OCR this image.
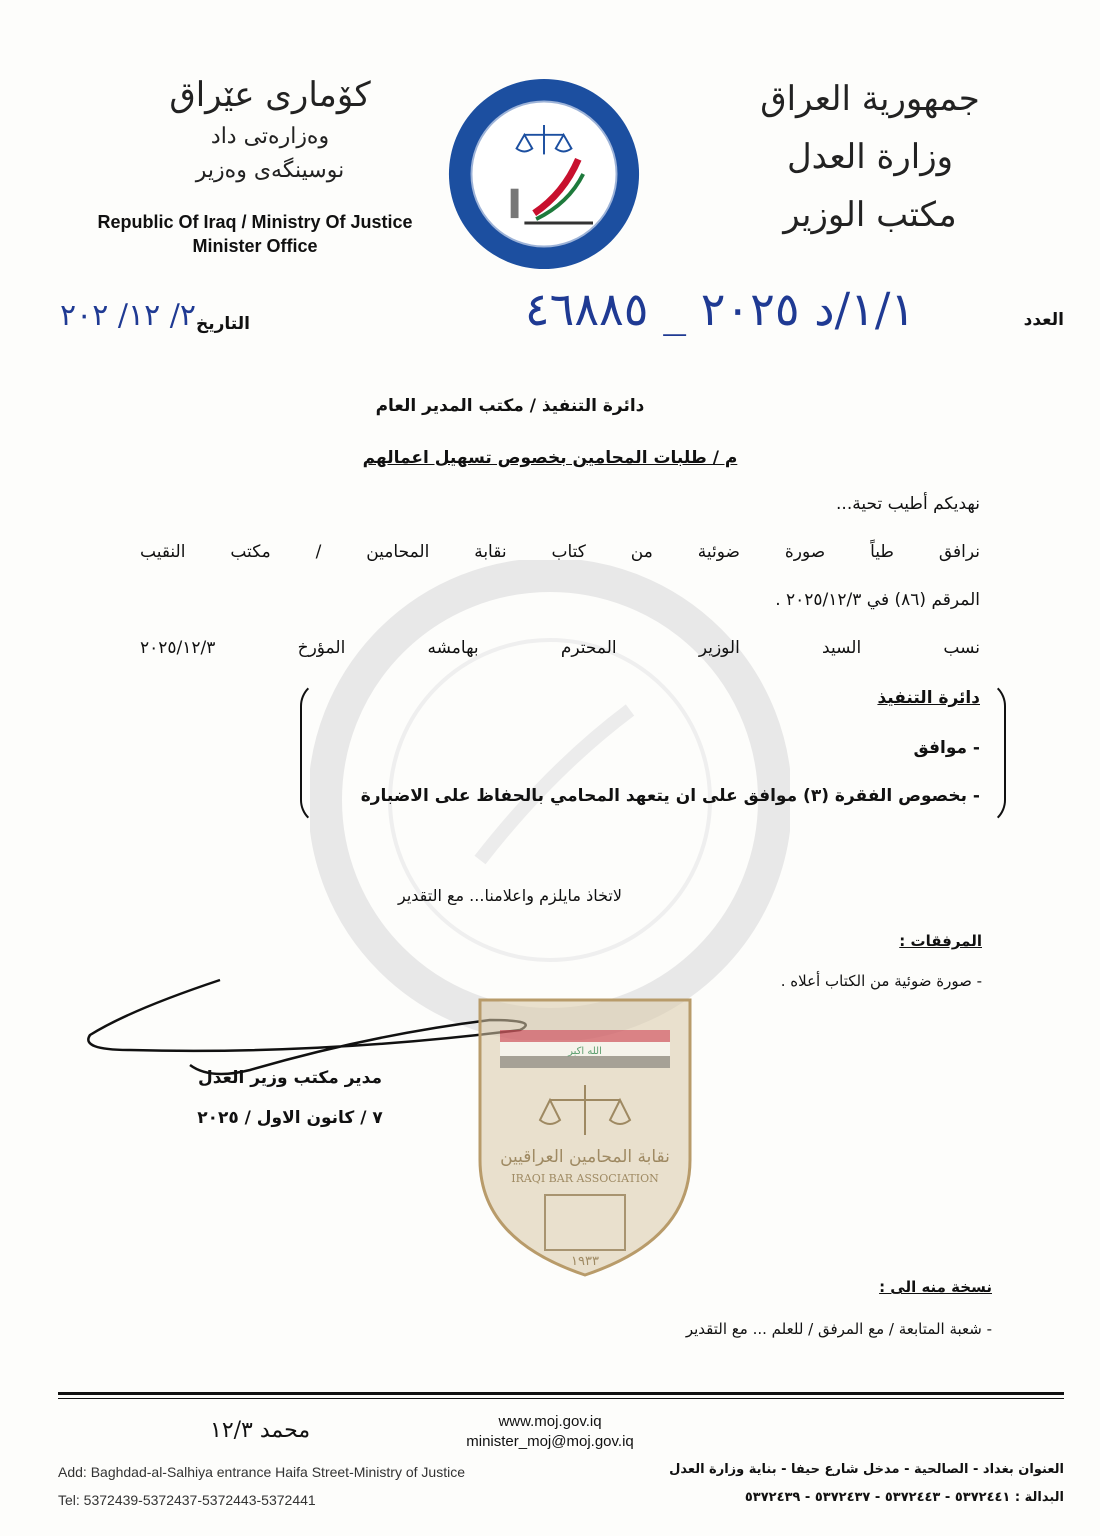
جمهورية العراق
وزارة العدل
مكتب الوزير
كۆماری عێراق
وەزارەتی داد
نوسینگەی وەزیر
Republic Of Iraq / Ministry Of Justice
Minister Office
العدد
١/١/د ٢٠٢٥ _ ٤٦٨٨٥
التاريخ
٢/ ١٢/ ٢٠٢
دائرة التنفيذ / مكتب المدير العام
م / طلبات المحامين بخصوص تسهيل اعمالهم
نهديكم أطيب تحية...
نرافق طياً صورة ضوئية من كتاب نقابة المحامين / مكتب النقيب
المرقم (٨٦) في ٢٠٢٥/١٢/٣ .
نسب السيد الوزير المحترم بهامشه المؤرخ ٢٠٢٥/١٢/٣
دائرة التنفيذ
- موافق
- بخصوص الفقرة (٣) موافق على ان يتعهد المحامي بالحفاظ على الاضبارة
لاتخاذ مايلزم واعلامنا... مع التقدير
المرفقات :
- صورة ضوئية من الكتاب أعلاه .
مدير مكتب وزير العدل
٧ / كانون الاول / ٢٠٢٥
الله اكبر
نقابة المحامين العراقيين
IRAQI BAR ASSOCIATION
١٩٣٣
نسخة منه الى :
- شعبة المتابعة / مع المرفق / للعلم ... مع التقدير
www.moj.gov.iq
minister_moj@moj.gov.iq
محمد ١٢/٣
Add: Baghdad-al-Salhiya entrance Haifa Street-Ministry of Justice
Tel: 5372439-5372437-5372443-5372441
العنوان بغداد - الصالحية - مدخل شارع حيفا - بناية وزارة العدل
البدالة : ٥٣٧٢٤٤١ - ٥٣٧٢٤٤٣ - ٥٣٧٢٤٣٧ - ٥٣٧٢٤٣٩
